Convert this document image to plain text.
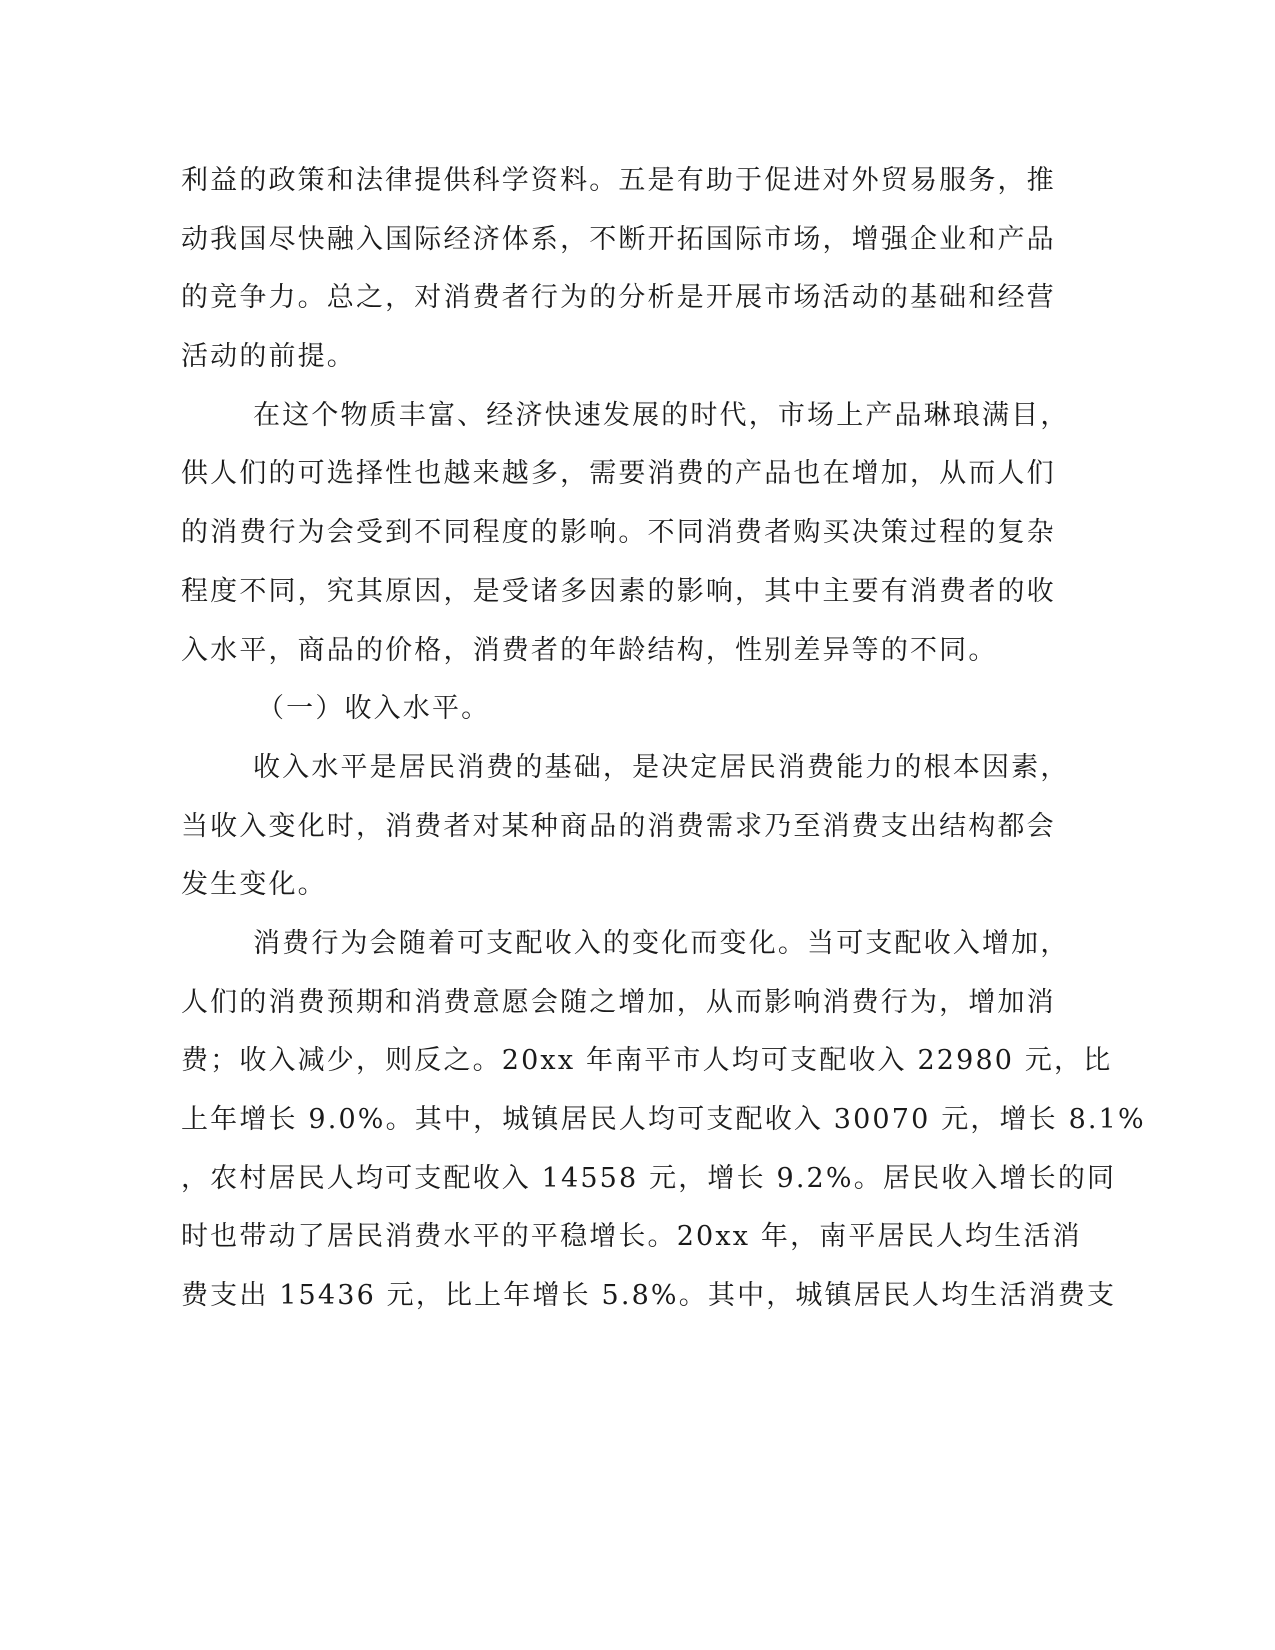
利益的政策和法律提供科学资料。五是有助于促进对外贸易服务，推
动我国尽快融入国际经济体系，不断开拓国际市场，增强企业和产品
的竞争力。总之，对消费者行为的分析是开展市场活动的基础和经营
活动的前提。
在这个物质丰富、经济快速发展的时代，市场上产品琳琅满目，
供人们的可选择性也越来越多，需要消费的产品也在增加，从而人们
的消费行为会受到不同程度的影响。不同消费者购买决策过程的复杂
程度不同，究其原因，是受诸多因素的影响，其中主要有消费者的收
入水平，商品的价格，消费者的年龄结构，性别差异等的不同。
（一）收入水平。
收入水平是居民消费的基础，是决定居民消费能力的根本因素，
当收入变化时，消费者对某种商品的消费需求乃至消费支出结构都会
发生变化。
消费行为会随着可支配收入的变化而变化。当可支配收入增加，
人们的消费预期和消费意愿会随之增加，从而影响消费行为，增加消
费；收入减少，则反之。20xx 年南平市人均可支配收入 22980 元，比
上年增长 9.0%。其中，城镇居民人均可支配收入 30070 元，增长 8.1%
，农村居民人均可支配收入 14558 元，增长 9.2%。居民收入增长的同
时也带动了居民消费水平的平稳增长。20xx 年，南平居民人均生活消
费支出 15436 元，比上年增长 5.8%。其中，城镇居民人均生活消费支
